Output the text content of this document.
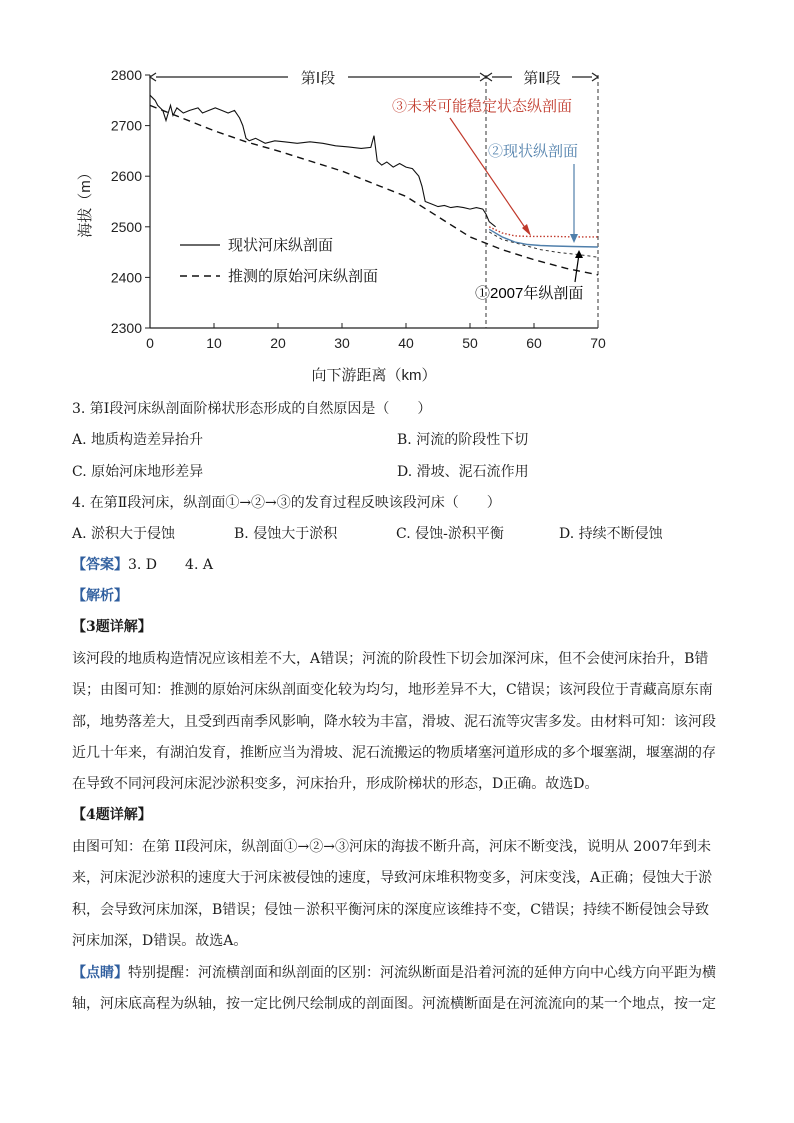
2300
2400
2500
2600
2700
2800
0	10	20	30	40	50	60	70
向下游距离（km）
海拔（m）
第Ⅰ段	第Ⅱ段
现状河床纵剖面
推测的原始河床纵剖面
③未来可能稳定状态纵剖面
②现状纵剖面
①2007年纵剖面
3. 第Ⅰ段河床纵剖面阶梯状形态形成的自然原因是（　　）
A. 地质构造差异抬升	B. 河流的阶段性下切
C. 原始河床地形差异	D. 滑坡、泥石流作用
4. 在第Ⅱ段河床，纵剖面①→②→③的发育过程反映该段河床（　　）
A. 淤积大于侵蚀	B. 侵蚀大于淤积	C. 侵蚀-淤积平衡	D. 持续不断侵蚀
【答案】3. D　　4. A
【解析】
【3题详解】

该河段的地质构造情况应该相差不大，A错误；河流的阶段性下切会加深河床，但不会使河床抬升，B错

误；由图可知：推测的原始河床纵剖面变化较为均匀，地形差异不大，C错误；该河段位于青藏高原东南

部，地势落差大，且受到西南季风影响，降水较为丰富，滑坡、泥石流等灾害多发。由材料可知：该河段

近几十年来，有湖泊发育，推断应当为滑坡、泥石流搬运的物质堵塞河道形成的多个堰塞湖，堰塞湖的存

在导致不同河段河床泥沙淤积变多，河床抬升，形成阶梯状的形态，D正确。故选D。

【4题详解】

由图可知：在第 II段河床，纵剖面①→②→③河床的海拔不断升高，河床不断变浅，说明从 2007年到未

来，河床泥沙淤积的速度大于河床被侵蚀的速度，导致河床堆积物变多，河床变浅，A正确；侵蚀大于淤

积，会导致河床加深，B错误；侵蚀－淤积平衡河床的深度应该维持不变，C错误；持续不断侵蚀会导致

河床加深，D错误。故选A。

【点睛】特别提醒：河流横剖面和纵剖面的区别：河流纵断面是沿着河流的延伸方向中心线方向平距为横

轴，河床底高程为纵轴，按一定比例尺绘制成的剖面图。河流横断面是在河流流向的某一个地点，按一定
